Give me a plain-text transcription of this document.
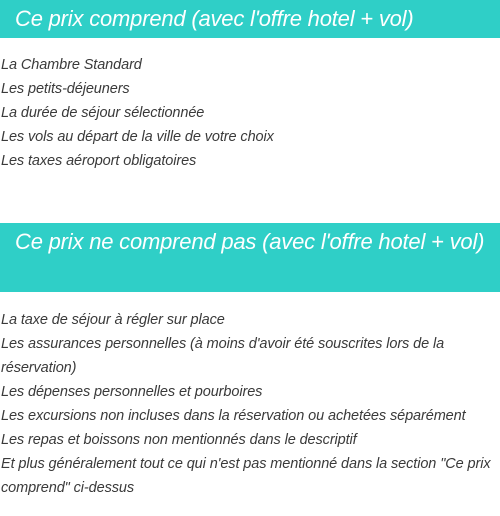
Ce prix comprend (avec l'offre hotel + vol)
La Chambre Standard
Les petits-déjeuners
La durée de séjour sélectionnée
Les vols au départ de la ville de votre choix
Les taxes aéroport obligatoires
Ce prix ne comprend pas (avec l'offre hotel + vol)
La taxe de séjour à régler sur place
Les assurances personnelles (à moins d'avoir été souscrites lors de la réservation)
Les dépenses personnelles et pourboires
Les excursions non incluses dans la réservation ou achetées séparément
Les repas et boissons non mentionnés dans le descriptif
Et plus généralement tout ce qui n'est pas mentionné dans la section "Ce prix comprend" ci-dessus
